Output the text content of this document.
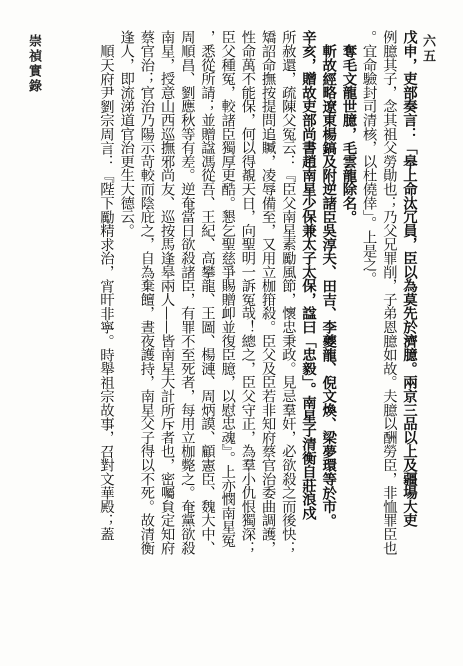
崇禎實錄	六五
戊申，吏部奏言：「皋上命汰冗員，臣以為莫先於濟臆。兩京三品以上及疆場大吏
例臆其子，念其祖父勞勛也；乃父兄罪削，子弟恩臆如故。夫臆以酬勞臣，非恤罪臣也
。宜命驗封司清核，以杜僥倖」。上是之。
奪毛文龍世臆，毛雲龍除名。
斬故經略遼東楊鎬及附逆諸臣吳淳夫、田吉、李夔龍、倪文煥、梁夢環等於市。
辛亥，贈故吏部尚書趙南星少保兼太子太保，諡曰「忠毅」。南星子清衡自莊浪戍
所赦還，疏陳父冤云：『臣父南星素勵風節，懷忠秉政。見忌羣奸，必欲殺之而後快；
矯詔命撫按提問追贓，凌辱備至，又用立枷箝殺。臣父及臣若非知府蔡官治委曲調護，
性命萬不能保，何以得覩天日，向聖明一訴冤哉！總之，臣父守正，為羣小仇恨獨深；
臣父種冤，較諸臣獨厚更酷。懇乞聖慈爭賜贈卹並復臣臆，以慰忠魂』。上亦憫南星冤
，悉從所請；並贈諡馮從吾、王紀、高攀龍、王圖、楊漣、周炳謨、顧憲臣、魏大中、
周順昌、劉應秋等有差。逆奄當日欲殺諸臣，有罪不至死者，每用立枷斃之。奄黨欲殺
南星，授意山西巡撫邪尚友、巡按馬逢皋兩人——皆南星大計所斥者也，密囑貟定知府
蔡官治；官治乃陽示苛較而陰庇之，自為棄饘，晝夜護持，南星父子得以不死。故清衡
逢人，即流涕道官治更生大德云。
順天府尹劉宗周言：『陛下勵精求治，宵旰非寧。時舉祖宗故事，召對文華殿；蓋
